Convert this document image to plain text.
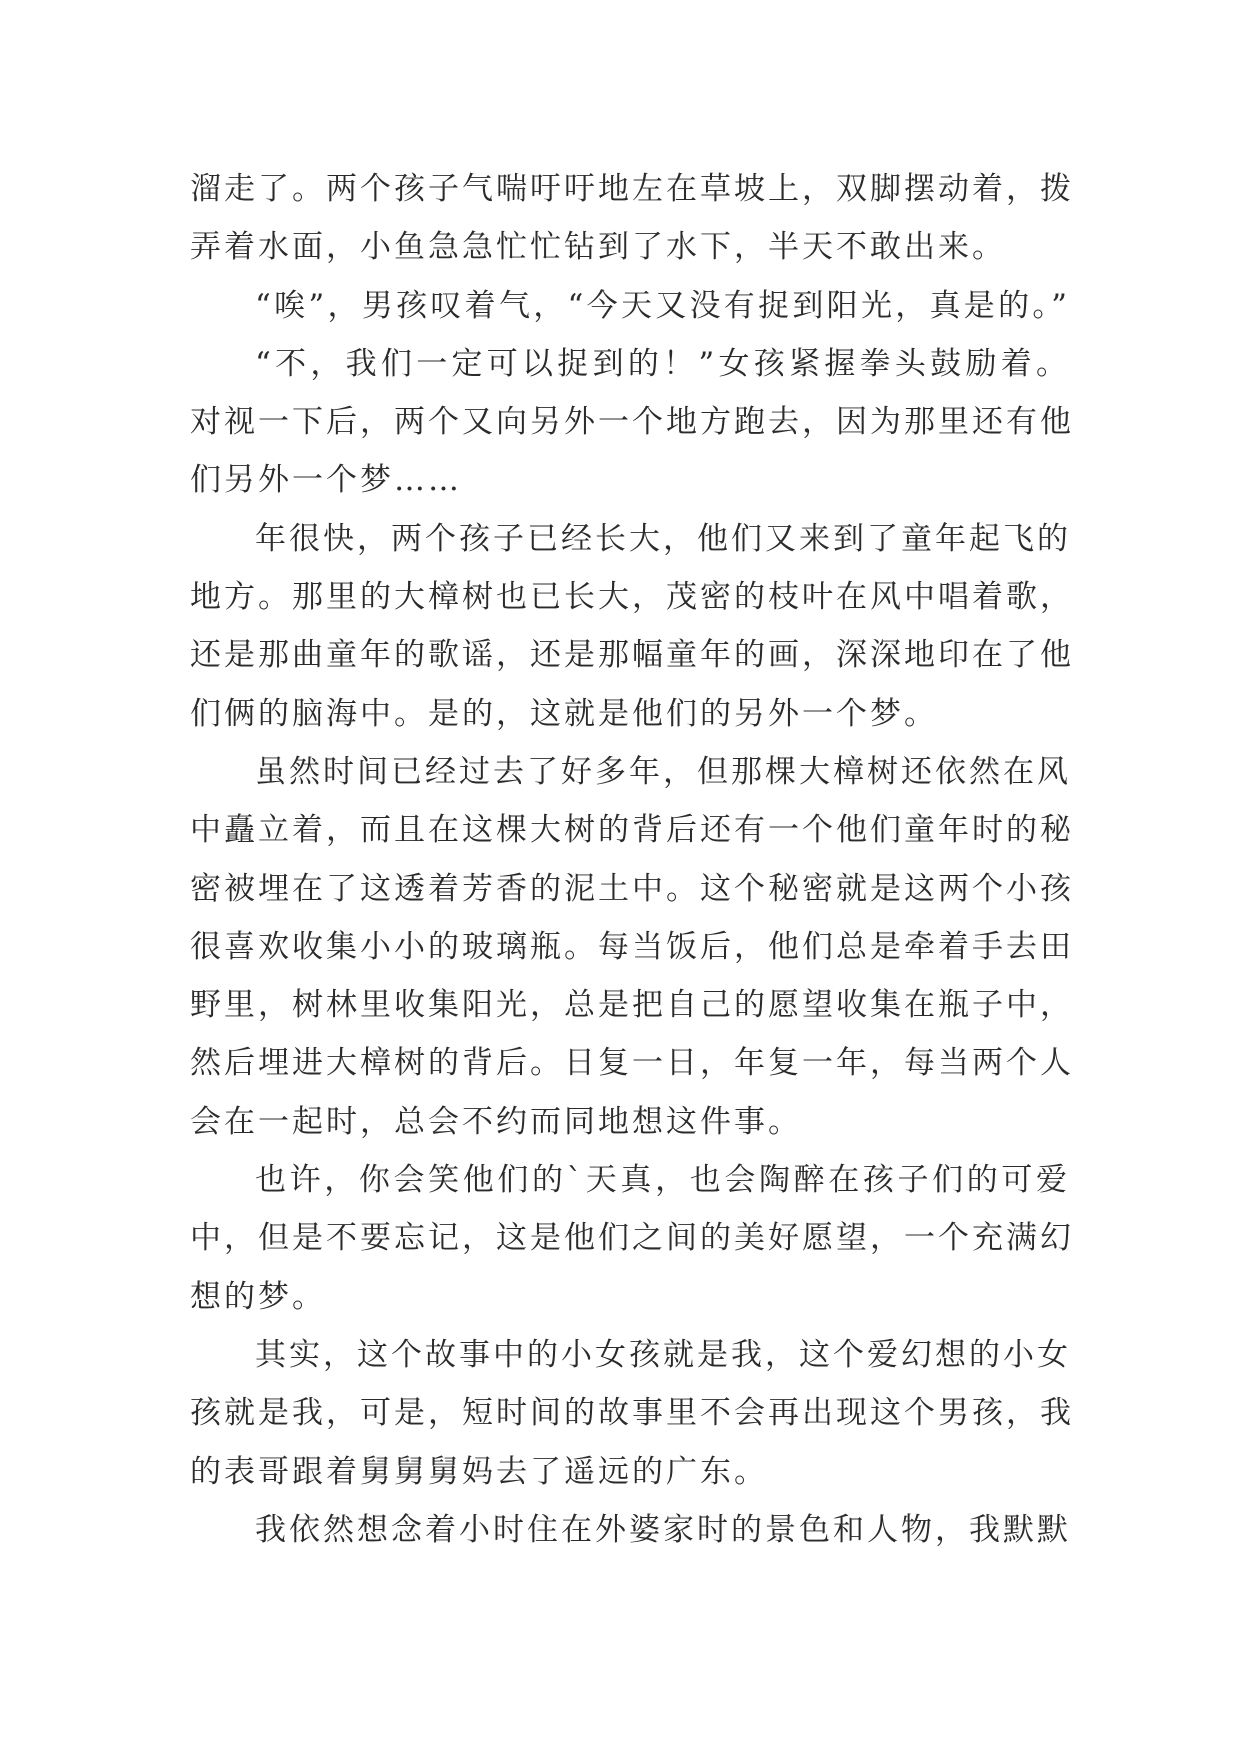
溜走了。两个孩子气喘吁吁地左在草坡上，双脚摆动着，拨
弄着水面，小鱼急急忙忙钻到了水下，半天不敢出来。
“唉”，男孩叹着气，“今天又没有捉到阳光，真是的。”
“不，我们一定可以捉到的！”女孩紧握拳头鼓励着。
对视一下后，两个又向另外一个地方跑去，因为那里还有他
们另外一个梦……
年很快，两个孩子已经长大，他们又来到了童年起飞的
地方。那里的大樟树也已长大，茂密的枝叶在风中唱着歌，
还是那曲童年的歌谣，还是那幅童年的画，深深地印在了他
们俩的脑海中。是的，这就是他们的另外一个梦。
虽然时间已经过去了好多年，但那棵大樟树还依然在风
中矗立着，而且在这棵大树的背后还有一个他们童年时的秘
密被埋在了这透着芳香的泥土中。这个秘密就是这两个小孩
很喜欢收集小小的玻璃瓶。每当饭后，他们总是牵着手去田
野里，树林里收集阳光，总是把自己的愿望收集在瓶子中，
然后埋进大樟树的背后。日复一日，年复一年，每当两个人
会在一起时，总会不约而同地想这件事。
也许，你会笑他们的`天真，也会陶醉在孩子们的可爱
中，但是不要忘记，这是他们之间的美好愿望，一个充满幻
想的梦。
其实，这个故事中的小女孩就是我，这个爱幻想的小女
孩就是我，可是，短时间的故事里不会再出现这个男孩，我
的表哥跟着舅舅舅妈去了遥远的广东。
我依然想念着小时住在外婆家时的景色和人物，我默默
